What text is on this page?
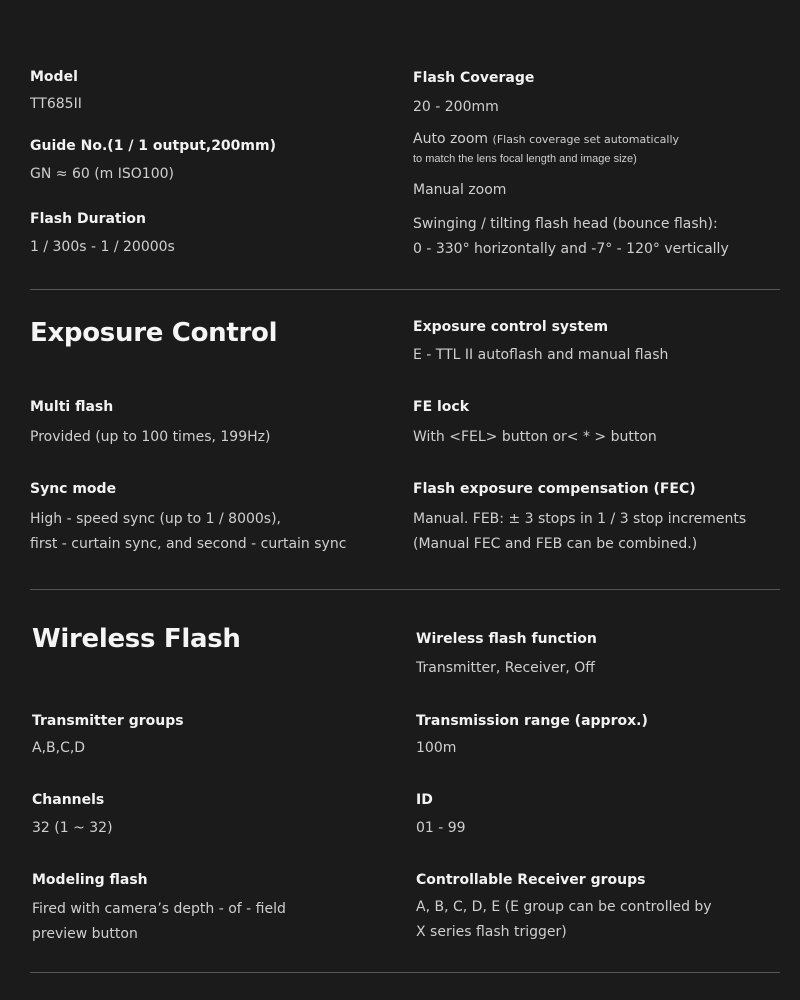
Model
TT685II
Guide No.(1 / 1 output,200mm)
GN ≈ 60 (m ISO100)
Flash Duration
1 / 300s - 1 / 20000s
Flash Coverage
20 - 200mm
Auto zoom (Flash coverage set automatically
to match the lens focal length and image size)
Manual zoom
Swinging / tilting flash head (bounce flash):
0 - 330° horizontally and -7° - 120° vertically
Exposure Control	Exposure control system
E - TTL II autoflash and manual flash
Multi flash
Provided (up to 100 times, 199Hz)
FE lock
With <FEL> button or< * > button
Sync mode
High - speed sync (up to 1 / 8000s),
first - curtain sync, and second - curtain sync
Flash exposure compensation (FEC)
Manual. FEB: ± 3 stops in 1 / 3 stop increments
(Manual FEC and FEB can be combined.)
Wireless Flash	Wireless flash function
Transmitter, Receiver, Off
Transmitter groups
A,B,C,D
Transmission range (approx.)
100m
Channels
32 (1 ~ 32)
ID
01 - 99
Modeling flash
Fired with camera’s depth - of - field
preview button
Controllable Receiver groups
A, B, C, D, E (E group can be controlled by
X series flash trigger)
